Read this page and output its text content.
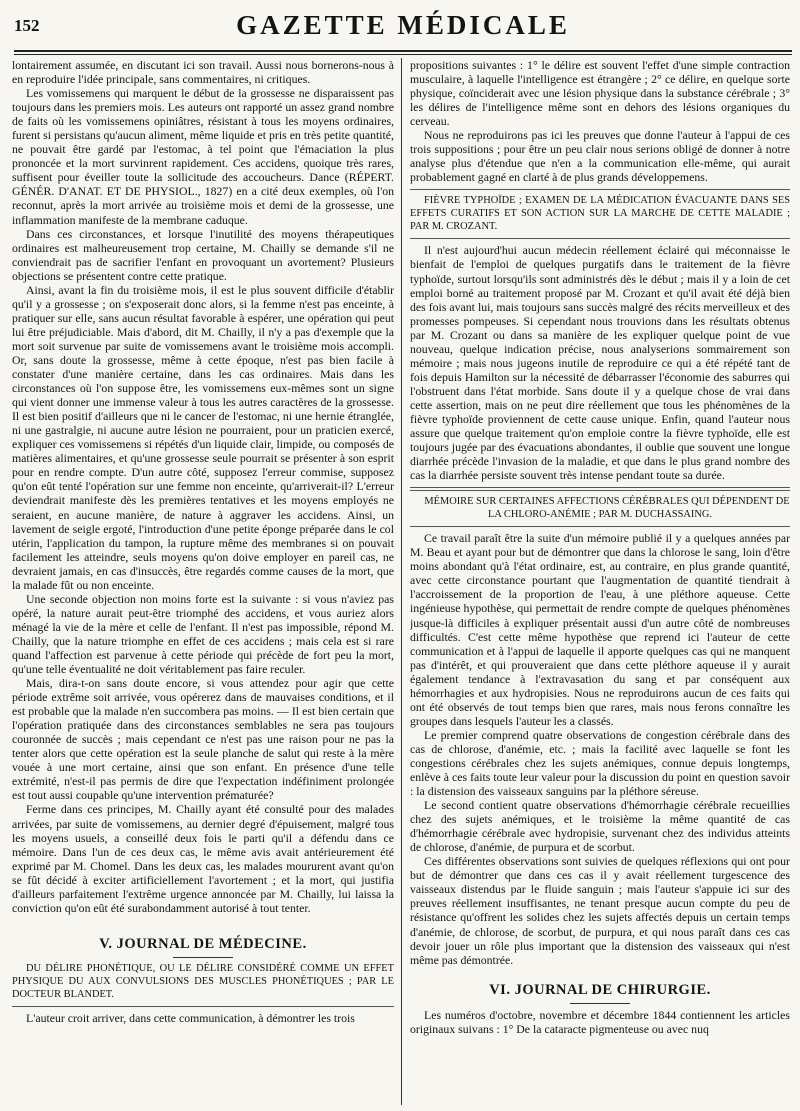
152	GAZETTE MÉDICALE

lontairement assumée, en discutant ici son travail. Aussi nous bornerons-nous à en reproduire l'idée principale, sans commentaires, ni critiques.

Les vomissemens qui marquent le début de la grossesse ne disparaissent pas toujours dans les premiers mois. Les auteurs ont rapporté un assez grand nombre de faits où les vomissemens opiniâtres, résistant à tous les moyens ordinaires, furent si persistans qu'aucun aliment, même liquide et pris en très petite quantité, ne pouvait être gardé par l'estomac, à tel point que l'émaciation la plus prononcée et la mort survinrent rapidement. Ces accidens, quoique très rares, suffisent pour éveiller toute la sollicitude des accoucheurs. Dance (RÉPERT. GÉNÉR. D'ANAT. ET DE PHYSIOL., 1827) en a cité deux exemples, où l'on reconnut, après la mort arrivée au troisième mois et demi de la grossesse, une inflammation manifeste de la membrane caduque.

Dans ces circonstances, et lorsque l'inutilité des moyens thérapeutiques ordinaires est malheureusement trop certaine, M. Chailly se demande s'il ne conviendrait pas de sacrifier l'enfant en provoquant un avortement? Plusieurs objections se présentent contre cette pratique.

Ainsi, avant la fin du troisième mois, il est le plus souvent difficile d'établir qu'il y a grossesse ; on s'exposerait donc alors, si la femme n'est pas enceinte, à pratiquer sur elle, sans aucun résultat favorable à espérer, une opération qui peut lui être préjudiciable. Mais d'abord, dit M. Chailly, il n'y a pas d'exemple que la mort soit survenue par suite de vomissemens avant le troisième mois accompli. Or, sans doute la grossesse, même à cette époque, n'est pas bien facile à constater d'une manière certaine, dans les cas ordinaires. Mais dans les circonstances où l'on suppose être, les vomissemens eux-mêmes sont un signe qui vient donner une immense valeur à tous les autres caractères de la grossesse. Il est bien positif d'ailleurs que ni le cancer de l'estomac, ni une hernie étranglée, ni une gastralgie, ni aucune autre lésion ne pourraient, pour un praticien exercé, expliquer ces vomissemens si répétés d'un liquide clair, limpide, ou composés de matières alimentaires, et qu'une grossesse seule pourrait se présenter à son esprit pour en rendre compte. D'un autre côté, supposez l'erreur commise, supposez qu'on eût tenté l'opération sur une femme non enceinte, qu'arriverait-il? L'erreur deviendrait manifeste dès les premières tentatives et les moyens employés ne seraient, en aucune manière, de nature à aggraver les accidens. Ainsi, un lavement de seigle ergoté, l'introduction d'une petite éponge préparée dans le col utérin, l'application du tampon, la rupture même des membranes si on pouvait facilement les atteindre, seuls moyens qu'on doive employer en pareil cas, ne devraient jamais, en cas d'insuccès, être regardés comme causes de la mort, que la malade fût ou non enceinte.

Une seconde objection non moins forte est la suivante : si vous n'aviez pas opéré, la nature aurait peut-être triomphé des accidens, et vous auriez alors ménagé la vie de la mère et celle de l'enfant. Il n'est pas impossible, répond M. Chailly, que la nature triomphe en effet de ces accidens ; mais cela est si rare quand l'affection est parvenue à cette période qui précède de fort peu la mort, qu'une telle éventualité ne doit véritablement pas faire reculer.

Mais, dira-t-on sans doute encore, si vous attendez pour agir que cette période extrême soit arrivée, vous opérerez dans de mauvaises conditions, et il est probable que la malade n'en succombera pas moins. — Il est bien certain que l'opération pratiquée dans des circonstances semblables ne sera pas toujours couronnée de succès ; mais cependant ce n'est pas une raison pour ne pas la tenter alors que cette opération est la seule planche de salut qui reste à la mère vouée à une mort certaine, ainsi que son enfant. En présence d'une telle extrémité, n'est-il pas permis de dire que l'expectation indéfiniment prolongée est tout aussi coupable qu'une intervention prématurée?

Ferme dans ces principes, M. Chailly ayant été consulté pour des malades arrivées, par suite de vomissemens, au dernier degré d'épuisement, malgré tous les moyens usuels, a conseillé deux fois le parti qu'il a défendu dans ce mémoire. Dans l'un de ces deux cas, le même avis avait antérieurement été exprimé par M. Chomel. Dans les deux cas, les malades moururent avant qu'on se fût décidé à exciter artificiellement l'avortement ; et la mort, qui justifia d'ailleurs parfaitement l'extrême urgence annoncée par M. Chailly, lui laissa la conviction qu'on eût été surabondamment autorisé à tout tenter.

V. JOURNAL DE MÉDECINE.

DU DÉLIRE PHONÉTIQUE, OU LE DÉLIRE CONSIDÉRÉ COMME UN EFFET PHYSIQUE DU AUX CONVULSIONS DES MUSCLES PHONÉTIQUES ; PAR LE DOCTEUR BLANDET.

L'auteur croit arriver, dans cette communication, à démontrer les trois

propositions suivantes : 1° le délire est souvent l'effet d'une simple contraction musculaire, à laquelle l'intelligence est étrangère ; 2° ce délire, en quelque sorte physique, coïnciderait avec une lésion physique dans la substance cérébrale ; 3° les délires de l'intelligence même sont en dehors des lésions organiques du cerveau.

Nous ne reproduirons pas ici les preuves que donne l'auteur à l'appui de ces trois suppositions ; pour être un peu clair nous serions obligé de donner à notre analyse plus d'étendue que n'en a la communication elle-même, qui aurait probablement gagné en clarté à de plus grands développemens.

FIÈVRE TYPHOÏDE ; EXAMEN DE LA MÉDICATION ÉVACUANTE DANS SES EFFETS CURATIFS ET SON ACTION SUR LA MARCHE DE CETTE MALADIE ; PAR M. CROZANT.

Il n'est aujourd'hui aucun médecin réellement éclairé qui méconnaisse le bienfait de l'emploi de quelques purgatifs dans le traitement de la fièvre typhoïde, surtout lorsqu'ils sont administrés dès le début ; mais il y a loin de cet emploi borné au traitement proposé par M. Crozant et qu'il avait été déjà bien des fois avant lui, mais toujours sans succès malgré des récits merveilleux et des promesses pompeuses. Si cependant nous trouvions dans les résultats obtenus par M. Crozant ou dans sa manière de les expliquer quelque point de vue nouveau, quelque indication précise, nous analyserions sommairement son mémoire ; mais nous jugeons inutile de reproduire ce qui a été répété tant de fois depuis Hamilton sur la nécessité de débarrasser l'économie des saburres qui l'obstruent dans l'état morbide. Sans doute il y a quelque chose de vrai dans cette assertion, mais on ne peut dire réellement que tous les phénomènes de la fièvre typhoïde proviennent de cette cause unique. Enfin, quand l'auteur nous assure que quelque traitement qu'on emploie contre la fièvre typhoïde, elle est toujours jugée par des évacuations abondantes, il oublie que souvent une longue diarrhée précède l'invasion de la maladie, et que dans le plus grand nombre des cas la diarrhée persiste souvent très intense pendant toute sa durée.

MÉMOIRE SUR CERTAINES AFFECTIONS CÉRÉBRALES QUI DÉPENDENT DE LA CHLORO-ANÉMIE ; PAR M. DUCHASSAING.

Ce travail paraît être la suite d'un mémoire publié il y a quelques années par M. Beau et ayant pour but de démontrer que dans la chlorose le sang, loin d'être moins abondant qu'à l'état ordinaire, est, au contraire, en plus grande quantité, avec cette circonstance pourtant que l'augmentation de quantité tiendrait à l'accroissement de la proportion de l'eau, à une pléthore aqueuse. Cette ingénieuse hypothèse, qui permettait de rendre compte de quelques phénomènes jusque-là difficiles à expliquer présentait aussi d'un autre côté de nombreuses difficultés. C'est cette même hypothèse que reprend ici l'auteur de cette communication et à l'appui de laquelle il apporte quelques cas qui ne manquent pas d'intérêt, et qui prouveraient que dans cette pléthore aqueuse il y aurait également tendance à l'extravasation du sang et par conséquent aux hémorrhagies et aux hydropisies. Nous ne reproduirons aucun de ces faits qui ont été observés de tout temps bien que rares, mais nous ferons connaître les groupes dans lesquels l'auteur les a classés.

Le premier comprend quatre observations de congestion cérébrale dans des cas de chlorose, d'anémie, etc. ; mais la facilité avec laquelle se font les congestions cérébrales chez les sujets anémiques, connue depuis longtemps, enlève à ces faits toute leur valeur pour la discussion du point en question savoir : la distension des vaisseaux sanguins par la pléthore séreuse.

Le second contient quatre observations d'hémorrhagie cérébrale recueillies chez des sujets anémiques, et le troisième la même quantité de cas d'hémorrhagie cérébrale avec hydropisie, survenant chez des individus atteints de chlorose, d'anémie, de purpura et de scorbut.

Ces différentes observations sont suivies de quelques réflexions qui ont pour but de démontrer que dans ces cas il y avait réellement turgescence des vaisseaux distendus par le fluide sanguin ; mais l'auteur s'appuie ici sur des preuves réellement insuffisantes, ne tenant presque aucun compte du peu de résistance qu'offrent les solides chez les sujets affectés depuis un certain temps d'anémie, de chlorose, de scorbut, de purpura, et qui nous paraît dans ces cas devoir jouer un rôle plus important que la distension des vaisseaux qui n'est même pas démontrée.

VI. JOURNAL DE CHIRURGIE.

Les numéros d'octobre, novembre et décembre 1844 contiennent les articles originaux suivans : 1° De la cataracte pigmenteuse ou avec nuq
